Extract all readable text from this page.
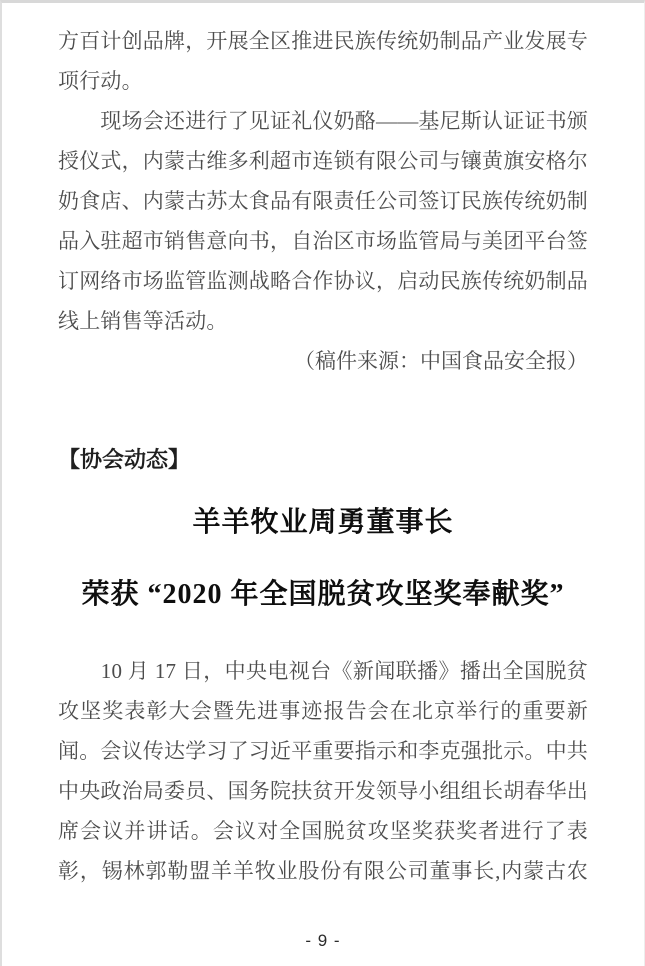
方百计创品牌，开展全区推进民族传统奶制品产业发展专
项行动。
　　现场会还进行了见证礼仪奶酪——基尼斯认证证书颁
授仪式，内蒙古维多利超市连锁有限公司与镶黄旗安格尔
奶食店、内蒙古苏太食品有限责任公司签订民族传统奶制
品入驻超市销售意向书，自治区市场监管局与美团平台签
订网络市场监管监测战略合作协议，启动民族传统奶制品
线上销售等活动。
（稿件来源：中国食品安全报）
【协会动态】
羊羊牧业周勇董事长
荣获 “2020 年全国脱贫攻坚奖奉献奖”
　　10 月 17 日，中央电视台《新闻联播》播出全国脱贫
攻坚奖表彰大会暨先进事迹报告会在北京举行的重要新
闻。会议传达学习了习近平重要指示和李克强批示。中共
中央政治局委员、国务院扶贫开发领导小组组长胡春华出
席会议并讲话。会议对全国脱贫攻坚奖获奖者进行了表
彰，锡林郭勒盟羊羊牧业股份有限公司董事长,内蒙古农
- 9 -
